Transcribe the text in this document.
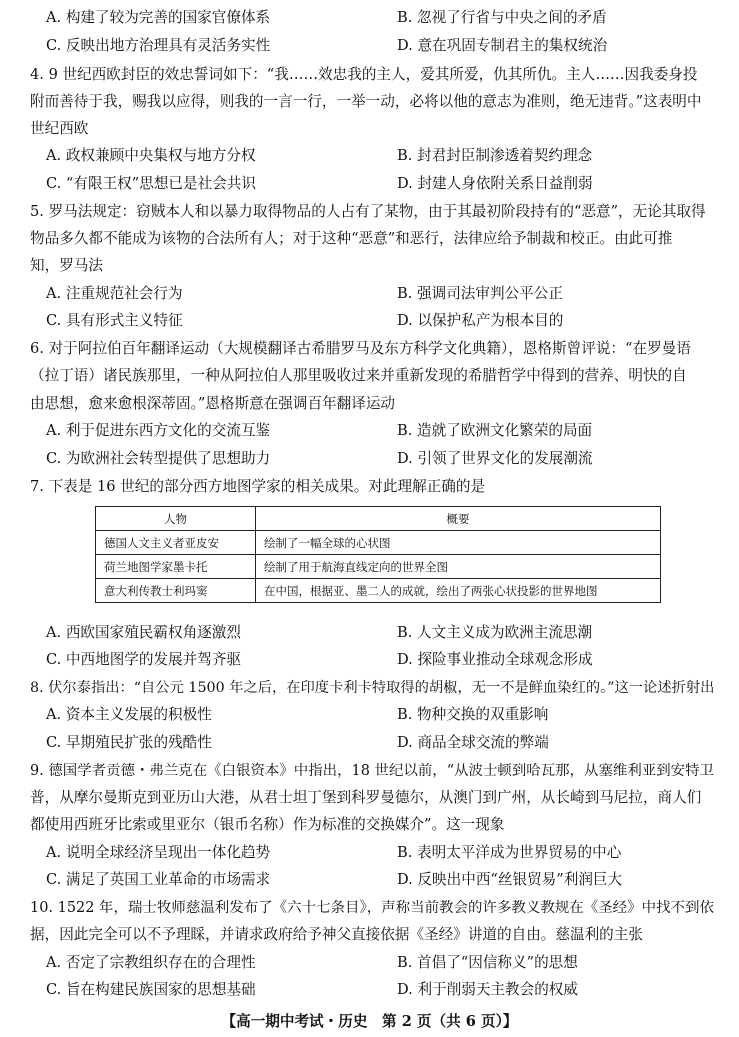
A. 构建了较为完善的国家官僚体系	B. 忽视了行省与中央之间的矛盾
C. 反映出地方治理具有灵活务实性	D. 意在巩固专制君主的集权统治
4. 9 世纪西欧封臣的效忠誓词如下：“我……效忠我的主人，爱其所爱，仇其所仇。主人……因我委身投
附而善待于我，赐我以应得，则我的一言一行，一举一动，必将以他的意志为准则，绝无违背。”这表明中
世纪西欧
A. 政权兼顾中央集权与地方分权	B. 封君封臣制渗透着契约理念
C. “有限王权”思想已是社会共识	D. 封建人身依附关系日益削弱
5. 罗马法规定：窃贼本人和以暴力取得物品的人占有了某物，由于其最初阶段持有的“恶意”，无论其取得
物品多久都不能成为该物的合法所有人；对于这种“恶意”和恶行，法律应给予制裁和校正。由此可推
知，罗马法
A. 注重规范社会行为	B. 强调司法审判公平公正
C. 具有形式主义特征	D. 以保护私产为根本目的
6. 对于阿拉伯百年翻译运动（大规模翻译古希腊罗马及东方科学文化典籍），恩格斯曾评说：“在罗曼语
（拉丁语）诸民族那里，一种从阿拉伯人那里吸收过来并重新发现的希腊哲学中得到的营养、明快的自
由思想，愈来愈根深蒂固。”恩格斯意在强调百年翻译运动
A. 利于促进东西方文化的交流互鉴	B. 造就了欧洲文化繁荣的局面
C. 为欧洲社会转型提供了思想助力	D. 引领了世界文化的发展潮流
7. 下表是 16 世纪的部分西方地图学家的相关成果。对此理解正确的是
人物	概要
德国人文主义者亚皮安	绘制了一幅全球的心状图
荷兰地图学家墨卡托	绘制了用于航海直线定向的世界全图
意大利传教士利玛窦	在中国，根据亚、墨二人的成就，绘出了两张心状投影的世界地图
A. 西欧国家殖民霸权角逐激烈	B. 人文主义成为欧洲主流思潮
C. 中西地图学的发展并驾齐驱	D. 探险事业推动全球观念形成
8. 伏尔泰指出：“自公元 1500 年之后，在印度卡利卡特取得的胡椒，无一不是鲜血染红的。”这一论述折射出
A. 资本主义发展的积极性	B. 物种交换的双重影响
C. 早期殖民扩张的残酷性	D. 商品全球交流的弊端
9. 德国学者贡德・弗兰克在《白银资本》中指出，18 世纪以前，“从波士顿到哈瓦那，从塞维利亚到安特卫
普，从摩尔曼斯克到亚历山大港，从君士坦丁堡到科罗曼德尔，从澳门到广州，从长崎到马尼拉，商人们
都使用西班牙比索或里亚尔（银币名称）作为标准的交换媒介”。这一现象
A. 说明全球经济呈现出一体化趋势	B. 表明太平洋成为世界贸易的中心
C. 满足了英国工业革命的市场需求	D. 反映出中西“丝银贸易”利润巨大
10. 1522 年，瑞士牧师慈温利发布了《六十七条目》，声称当前教会的许多教义教规在《圣经》中找不到依
据，因此完全可以不予理睬，并请求政府给予神父直接依据《圣经》讲道的自由。慈温利的主张
A. 否定了宗教组织存在的合理性	B. 首倡了“因信称义”的思想
C. 旨在构建民族国家的思想基础	D. 利于削弱天主教会的权威
【高一期中考试・历史　第 2 页（共 6 页）】
